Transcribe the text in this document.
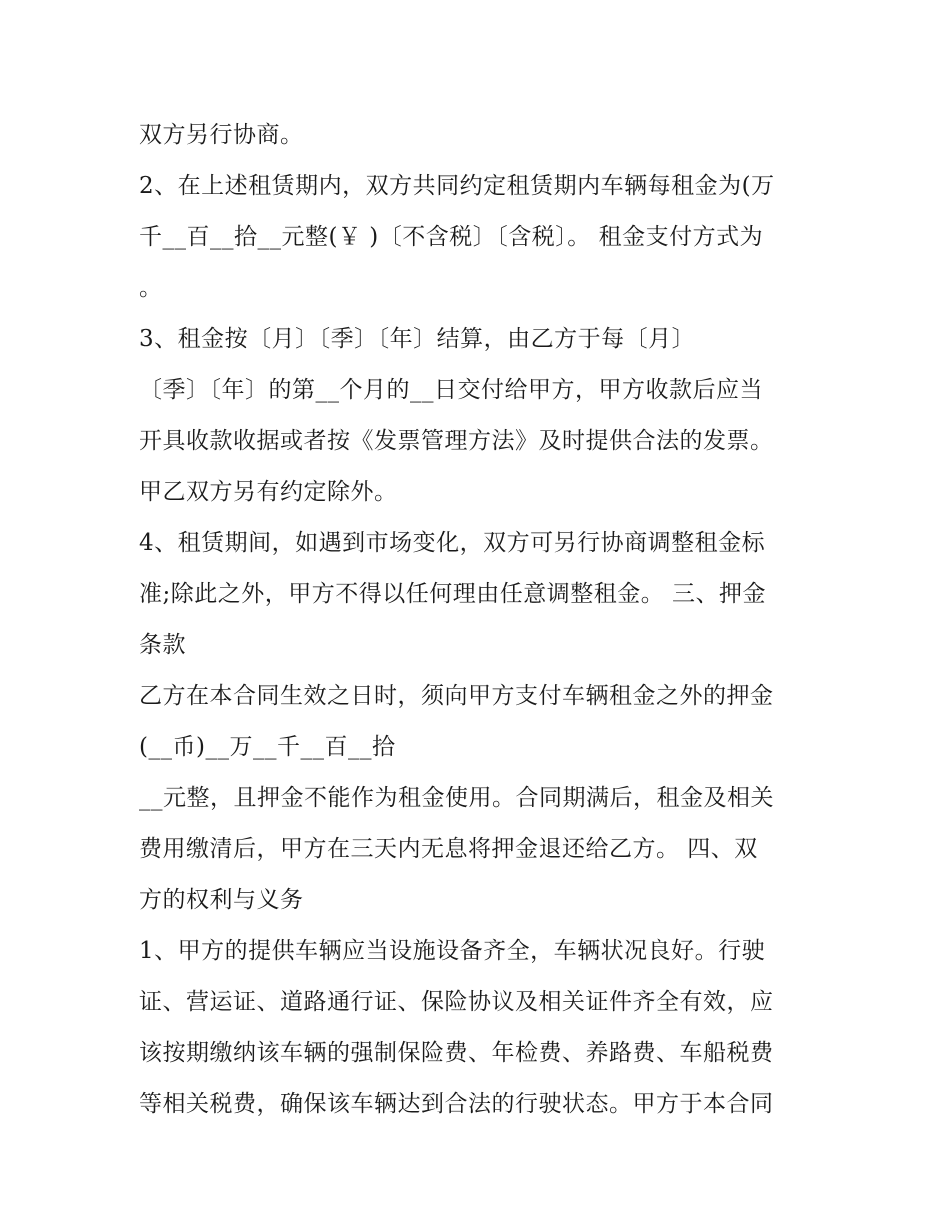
双方另行协商。
2、在上述租赁期内，双方共同约定租赁期内车辆每租金为(万
千__百__拾__元整(￥ )〔不含税〕〔含税〕。 租金支付方式为
。
3、租金按〔月〕〔季〕〔年〕结算，由乙方于每〔月〕
〔季〕〔年〕的第__个月的__日交付给甲方，甲方收款后应当
开具收款收据或者按《发票管理方法》及时提供合法的发票。
甲乙双方另有约定除外。
4、租赁期间，如遇到市场变化，双方可另行协商调整租金标
准;除此之外，甲方不得以任何理由任意调整租金。 三、押金
条款
乙方在本合同生效之日时，须向甲方支付车辆租金之外的押金
(__币)__万__千__百__拾
__元整，且押金不能作为租金使用。合同期满后，租金及相关
费用缴清后，甲方在三天内无息将押金退还给乙方。 四、双
方的权利与义务
1、甲方的提供车辆应当设施设备齐全，车辆状况良好。行驶
证、营运证、道路通行证、保险协议及相关证件齐全有效，应
该按期缴纳该车辆的强制保险费、年检费、养路费、车船税费
等相关税费，确保该车辆达到合法的行驶状态。甲方于本合同
